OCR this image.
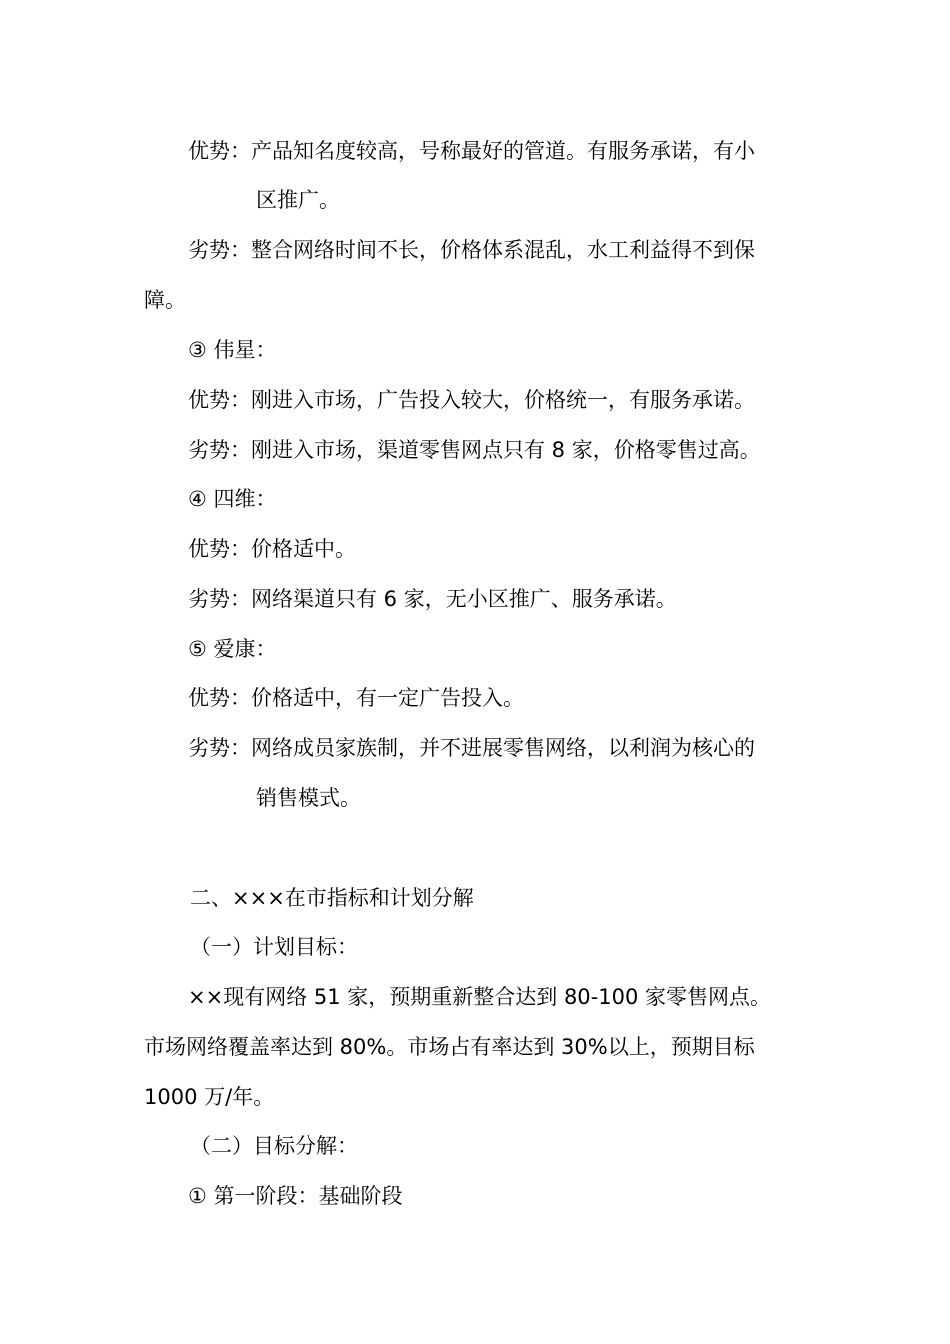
优势：产品知名度较高，号称最好的管道。有服务承诺，有小

区推广。

劣势：整合网络时间不长，价格体系混乱，水工利益得不到保

障。

③ 伟星：

优势：刚进入市场，广告投入较大，价格统一，有服务承诺。

劣势：刚进入市场，渠道零售网点只有 8 家，价格零售过高。

④ 四维：

优势：价格适中。

劣势：网络渠道只有 6 家，无小区推广、服务承诺。

⑤ 爱康：

优势：价格适中，有一定广告投入。

劣势：网络成员家族制，并不进展零售网络，以利润为核心的

销售模式。

二、×××在市指标和计划分解

（一）计划目标：

××现有网络 51 家，预期重新整合达到 80-100 家零售网点。

市场网络覆盖率达到 80%。市场占有率达到 30%以上，预期目标

1000 万/年。

（二）目标分解：

① 第一阶段：基础阶段
